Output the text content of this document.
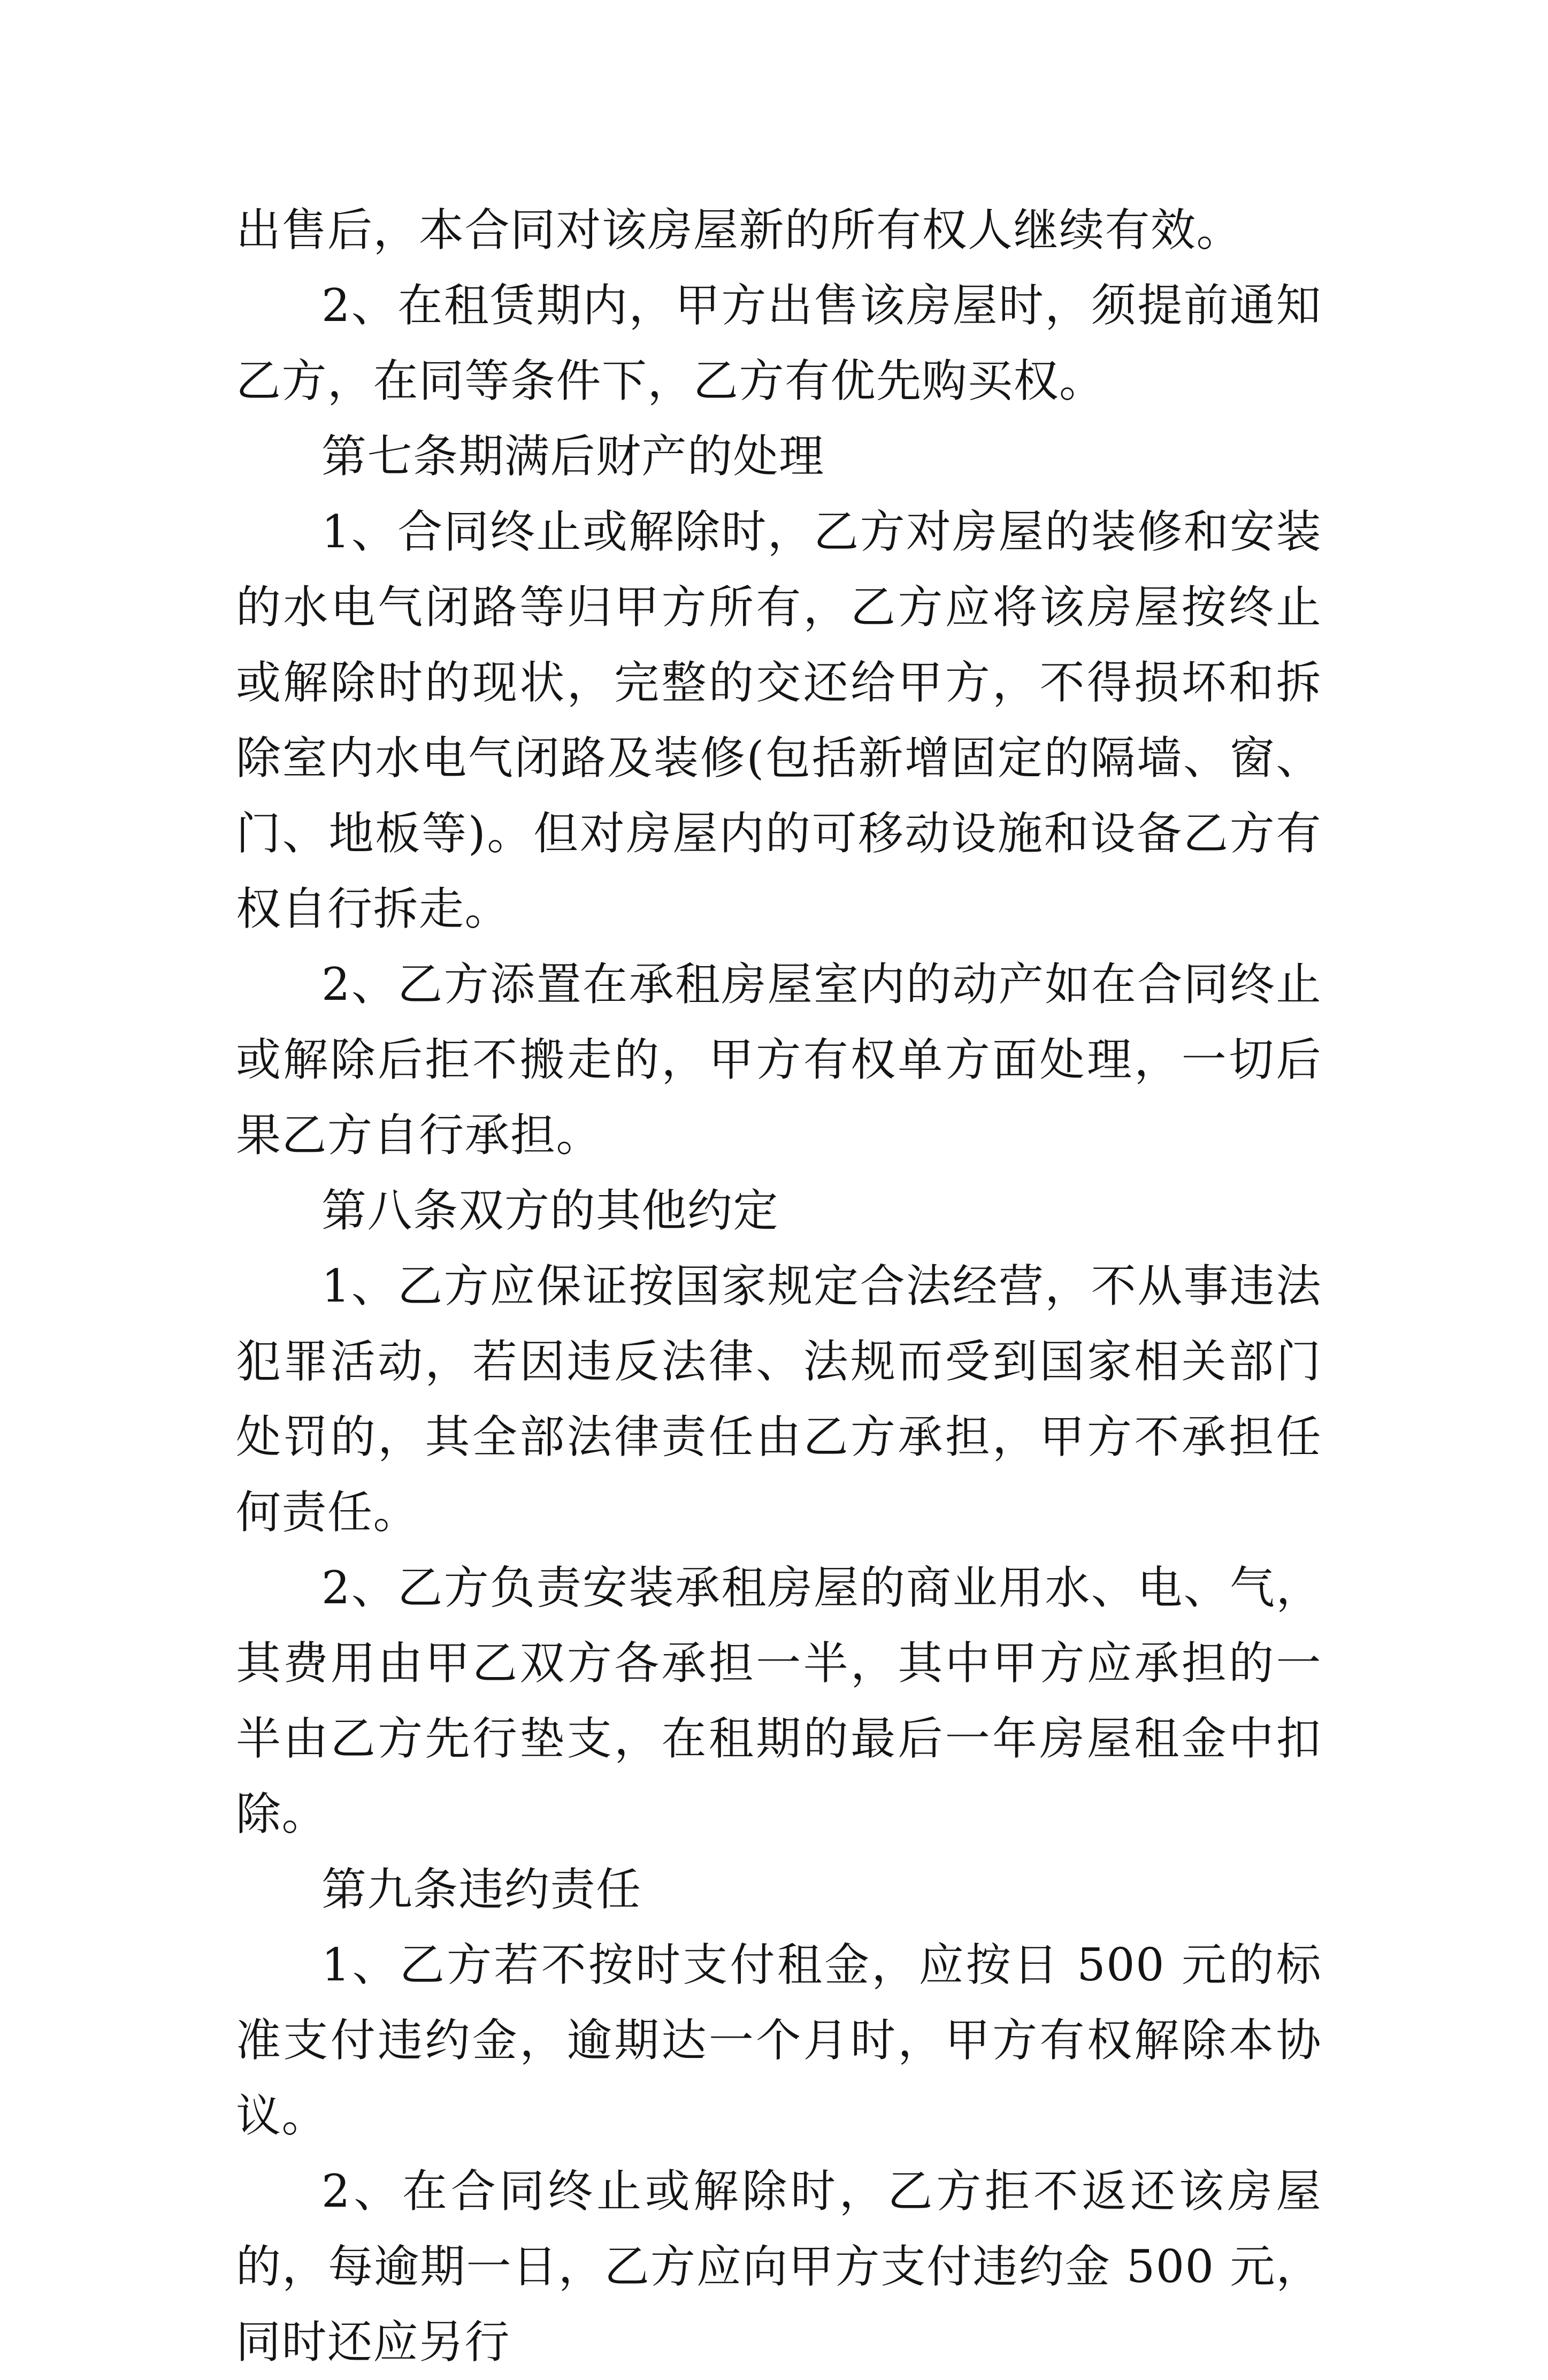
出售后，本合同对该房屋新的所有权人继续有效。

2、在租赁期内，甲方出售该房屋时，须提前通知乙方，在同等条件下，乙方有优先购买权。

第七条期满后财产的处理

1、合同终止或解除时，乙方对房屋的装修和安装的水电气闭路等归甲方所有，乙方应将该房屋按终止或解除时的现状，完整的交还给甲方，不得损坏和拆除室内水电气闭路及装修(包括新增固定的隔墙、窗、门、地板等)。但对房屋内的可移动设施和设备乙方有权自行拆走。

2、乙方添置在承租房屋室内的动产如在合同终止或解除后拒不搬走的，甲方有权单方面处理，一切后果乙方自行承担。

第八条双方的其他约定

1、乙方应保证按国家规定合法经营，不从事违法犯罪活动，若因违反法律、法规而受到国家相关部门处罚的，其全部法律责任由乙方承担，甲方不承担任何责任。

2、乙方负责安装承租房屋的商业用水、电、气，其费用由甲乙双方各承担一半，其中甲方应承担的一半由乙方先行垫支，在租期的最后一年房屋租金中扣除。

第九条违约责任

1、乙方若不按时支付租金，应按日 500 元的标准支付违约金，逾期达一个月时，甲方有权解除本协议。

2、在合同终止或解除时，乙方拒不返还该房屋的，每逾期一日，乙方应向甲方支付违约金 500 元，同时还应另行
